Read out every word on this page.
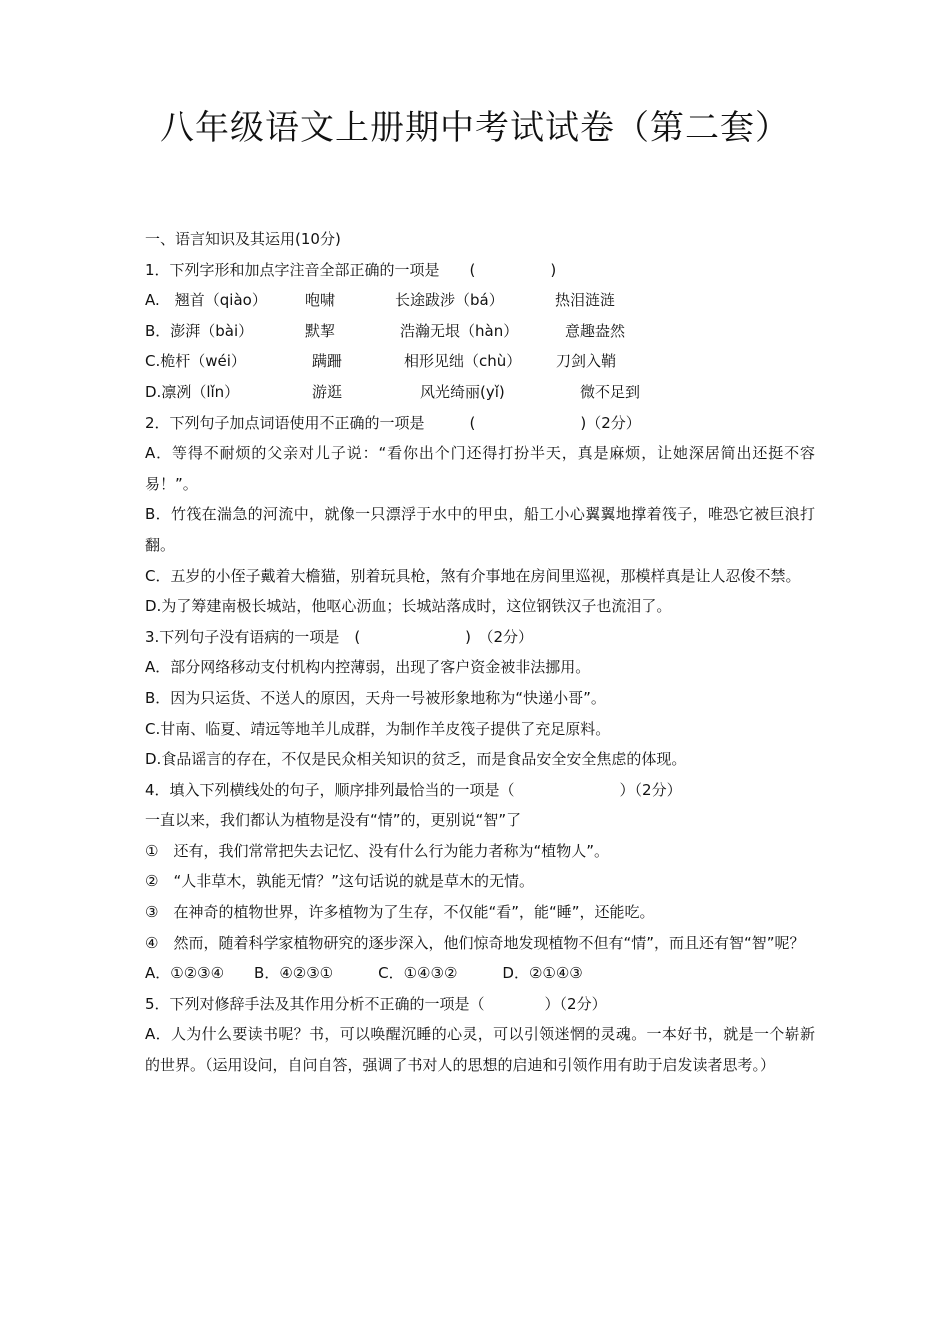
八年级语文上册期中考试试卷（第二套）
一、语言知识及其运用(10分)
1．下列字形和加点字注音全部正确的一项是　　(　　　　　)
A.　翘首（qiào）	咆啸	长途跋涉（bá）	热泪涟涟
B．澎湃（bài）	默挈	浩瀚无垠（hàn）	意趣盎然
C.桅杆（wéi）	蹒跚	相形见绌（chù）	刀剑入鞘
D.凛冽（lǐn）	游逛	风光绮丽(yǐ)	微不足到
2．下列句子加点词语使用不正确的一项是　　　(　　　　　　　)（2分）
A．等得不耐烦的父亲对儿子说：“看你出个门还得打扮半天，真是麻烦，让她深居简出还挺不容易！”。
B．竹筏在湍急的河流中，就像一只漂浮于水中的甲虫，船工小心翼翼地撑着筏子，唯恐它被巨浪打翻。
C．五岁的小侄子戴着大檐猫，别着玩具枪，煞有介事地在房间里巡视，那模样真是让人忍俊不禁。
D.为了筹建南极长城站，他呕心沥血；长城站落成时，这位钢铁汉子也流泪了。
3.下列句子没有语病的一项是　(　　　　　　　)　（2分）
A．部分网络移动支付机构内控薄弱，出现了客户资金被非法挪用。
B．因为只运货、不送人的原因，天舟一号被形象地称为“快递小哥”。
C.甘南、临夏、靖远等地羊儿成群，为制作羊皮筏子提供了充足原料。
D.食品谣言的存在，不仅是民众相关知识的贫乏，而是食品安全安全焦虑的体现。
4．填入下列横线处的句子，顺序排列最恰当的一项是（　　　　　　　）（2分）
一直以来，我们都认为植物是没有“情”的，更别说“智”了
①　还有，我们常常把失去记忆、没有什么行为能力者称为“植物人”。
②　“人非草木，孰能无情？”这句话说的就是草木的无情。
③　在神奇的植物世界，许多植物为了生存，不仅能“看”，能“睡”，还能吃。
④　然而，随着科学家植物研究的逐步深入，他们惊奇地发现植物不但有“情”，而且还有智“智”呢？
A．①②③④　　B．④②③①　　　C．①④③②　　　D．②①④③
5．下列对修辞手法及其作用分析不正确的一项是（　　　　）（2分）
A．人为什么要读书呢？书，可以唤醒沉睡的心灵，可以引领迷惘的灵魂。一本好书，就是一个崭新的世界。（运用设问，自问自答，强调了书对人的思想的启迪和引领作用有助于启发读者思考。）
